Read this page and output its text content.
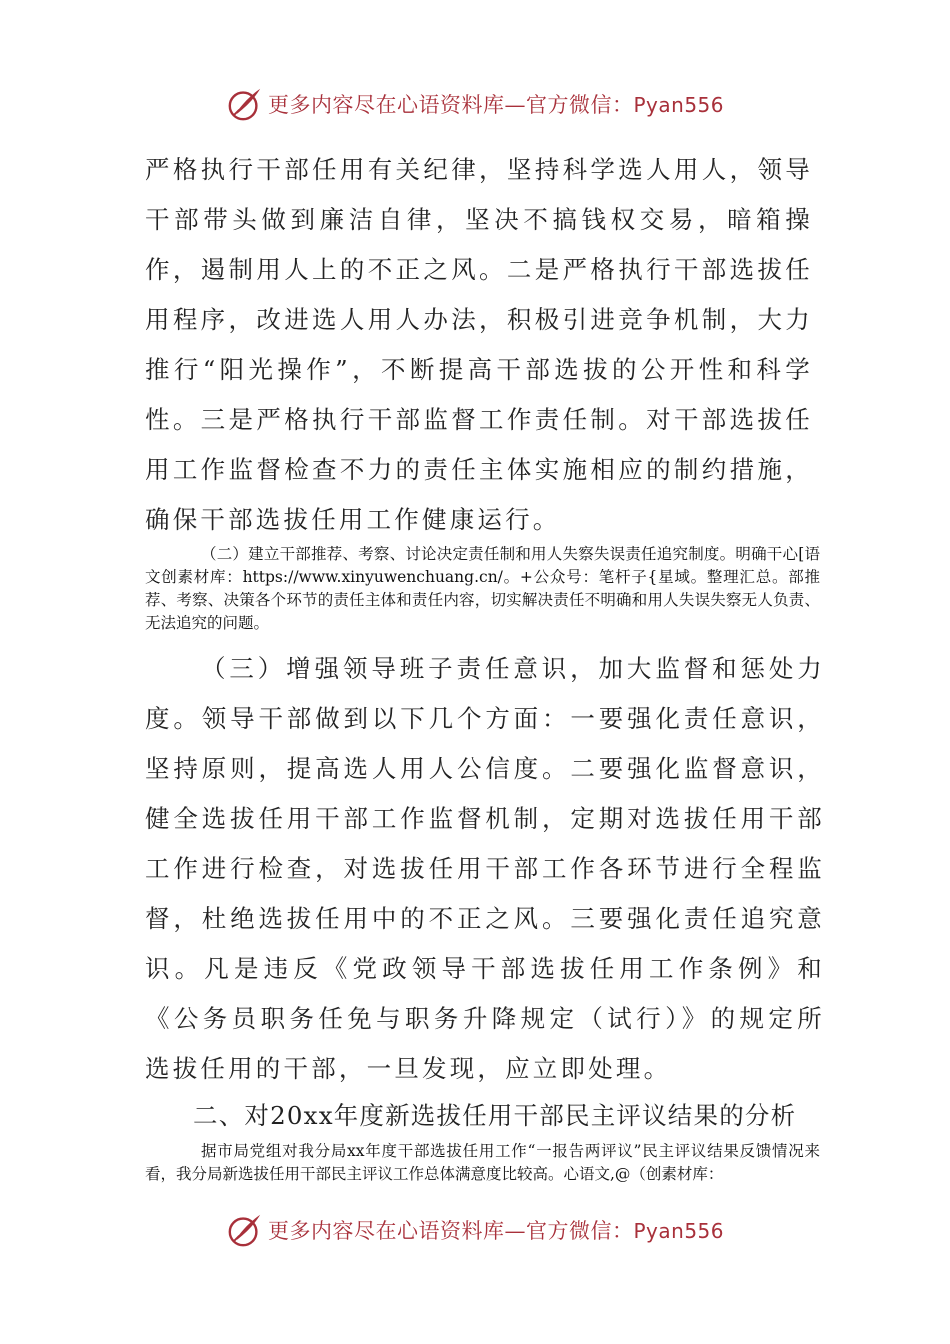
更多内容尽在心语资料库—官方微信：Pyan556

严格执行干部任用有关纪律，坚持科学选人用人，领导干部带头做到廉洁自律，坚决不搞钱权交易，暗箱操作，遏制用人上的不正之风。二是严格执行干部选拔任用程序，改进选人用人办法，积极引进竞争机制，大力推行“阳光操作”，不断提高干部选拔的公开性和科学性。三是严格执行干部监督工作责任制。对干部选拔任用工作监督检查不力的责任主体实施相应的制约措施，确保干部选拔任用工作健康运行。

（二）建立干部推荐、考察、讨论决定责任制和用人失察失误责任追究制度。明确干心[语文创素材库：https://www.xinyuwenchuang.cn/。+公众号：笔杆子{星域。整理汇总。部推荐、考察、决策各个环节的责任主体和责任内容，切实解决责任不明确和用人失误失察无人负责、无法追究的问题。

（三）增强领导班子责任意识，加大监督和惩处力度。领导干部做到以下几个方面：一要强化责任意识，坚持原则，提高选人用人公信度。二要强化监督意识，健全选拔任用干部工作监督机制，定期对选拔任用干部工作进行检查，对选拔任用干部工作各环节进行全程监督，杜绝选拔任用中的不正之风。三要强化责任追究意识。凡是违反《党政领导干部选拔任用工作条例》和《公务员职务任免与职务升降规定（试行）》的规定所选拔任用的干部，一旦发现，应立即处理。

二、对20xx年度新选拔任用干部民主评议结果的分析

据市局党组对我分局xx年度干部选拔任用工作“一报告两评议”民主评议结果反馈情况来看，我分局新选拔任用干部民主评议工作总体满意度比较高。心语文,@（创素材库：

更多内容尽在心语资料库—官方微信：Pyan556
